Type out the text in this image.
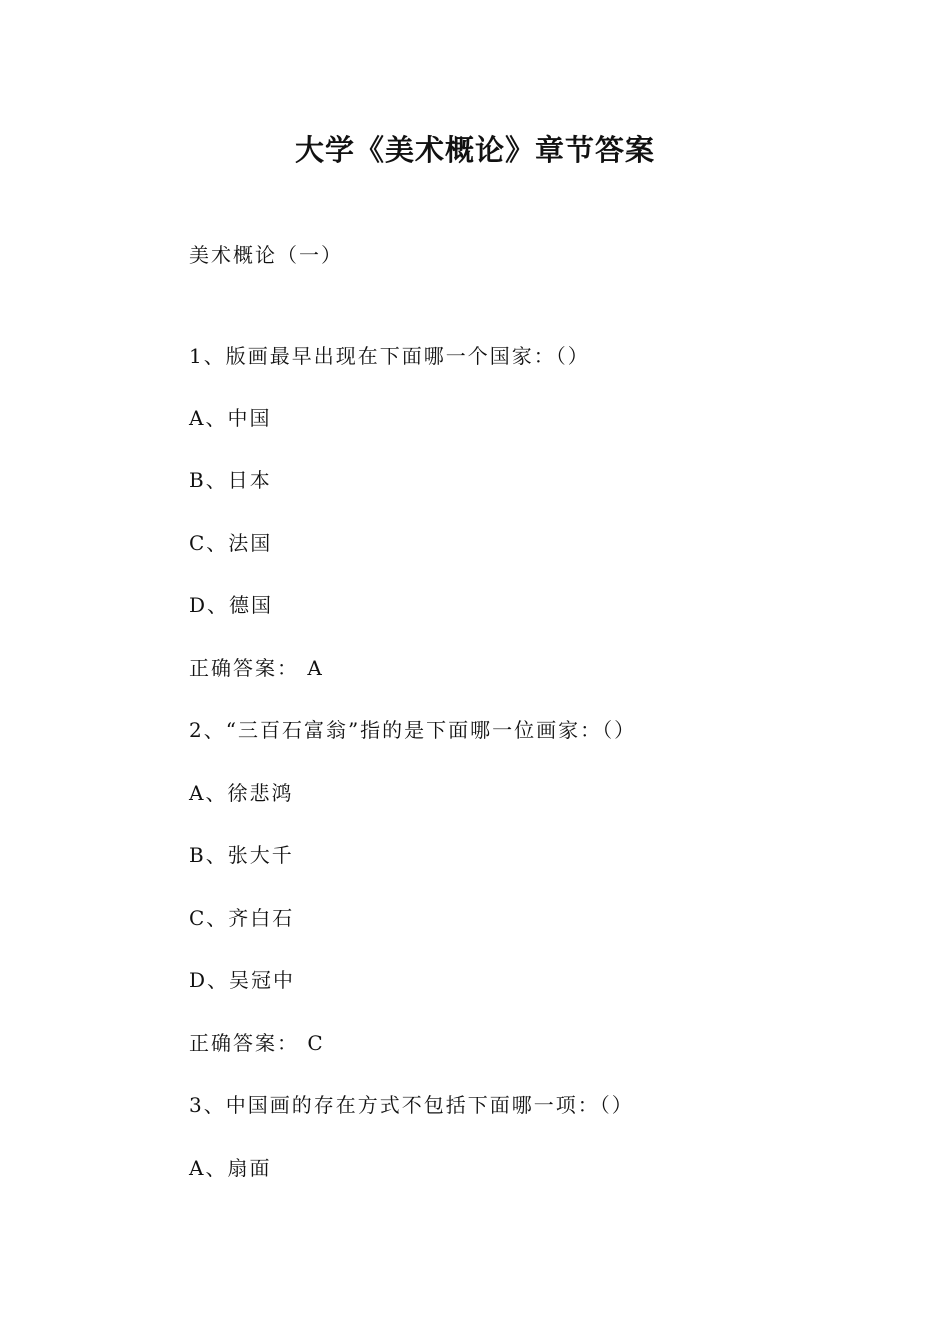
大学《美术概论》章节答案
美术概论（一）
1、版画最早出现在下面哪一个国家：（）
A、中国
B、日本
C、法国
D、德国
正确答案： A
2、“三百石富翁”指的是下面哪一位画家：（）
A、徐悲鸿
B、张大千
C、齐白石
D、吴冠中
正确答案： C
3、中国画的存在方式不包括下面哪一项：（）
A、扇面
